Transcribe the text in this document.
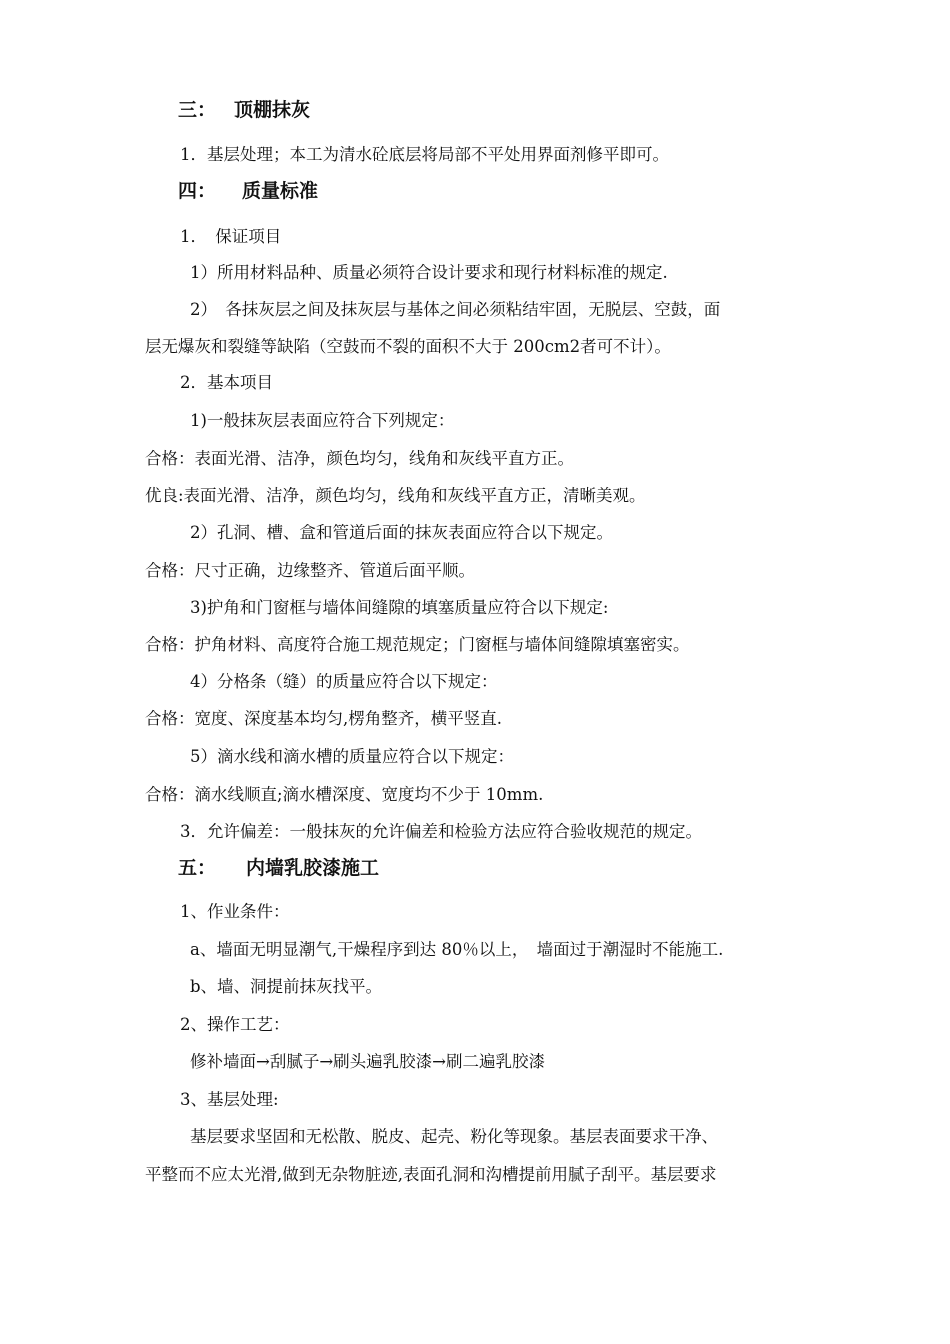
三： 顶棚抹灰
1．基层处理；本工为清水砼底层将局部不平处用界面剂修平即可。
四： 质量标准
1．　保证项目
1）所用材料品种、质量必须符合设计要求和现行材料标准的规定.
2）　各抹灰层之间及抹灰层与基体之间必须粘结牢固，无脱层、空鼓，面
层无爆灰和裂缝等缺陷（空鼓而不裂的面积不大于 200cm2者可不计）。
2．基本项目
1)一般抹灰层表面应符合下列规定：
合格：表面光滑、洁净，颜色均匀，线角和灰线平直方正。
优良:表面光滑、洁净，颜色均匀，线角和灰线平直方正，清晰美观。
2）孔洞、槽、盒和管道后面的抹灰表面应符合以下规定。
合格：尺寸正确，边缘整齐、管道后面平顺。
3)护角和门窗框与墙体间缝隙的填塞质量应符合以下规定:
合格：护角材料、高度符合施工规范规定；门窗框与墙体间缝隙填塞密实。
4）分格条（缝）的质量应符合以下规定：
合格：宽度、深度基本均匀,楞角整齐，横平竖直.
5）滴水线和滴水槽的质量应符合以下规定：
合格：滴水线顺直;滴水槽深度、宽度均不少于 10mm.
3．允许偏差：一般抹灰的允许偏差和检验方法应符合验收规范的规定。
五： 内墙乳胶漆施工
1、作业条件：
a、墙面无明显潮气,干燥程序到达 80％以上，　墙面过于潮湿时不能施工.
b、墙、洞提前抹灰找平。
2、操作工艺：
修补墙面→刮腻子→刷头遍乳胶漆→刷二遍乳胶漆
3、基层处理:
基层要求坚固和无松散、脱皮、起壳、粉化等现象。基层表面要求干净、
平整而不应太光滑,做到无杂物脏迹,表面孔洞和沟槽提前用腻子刮平。基层要求
